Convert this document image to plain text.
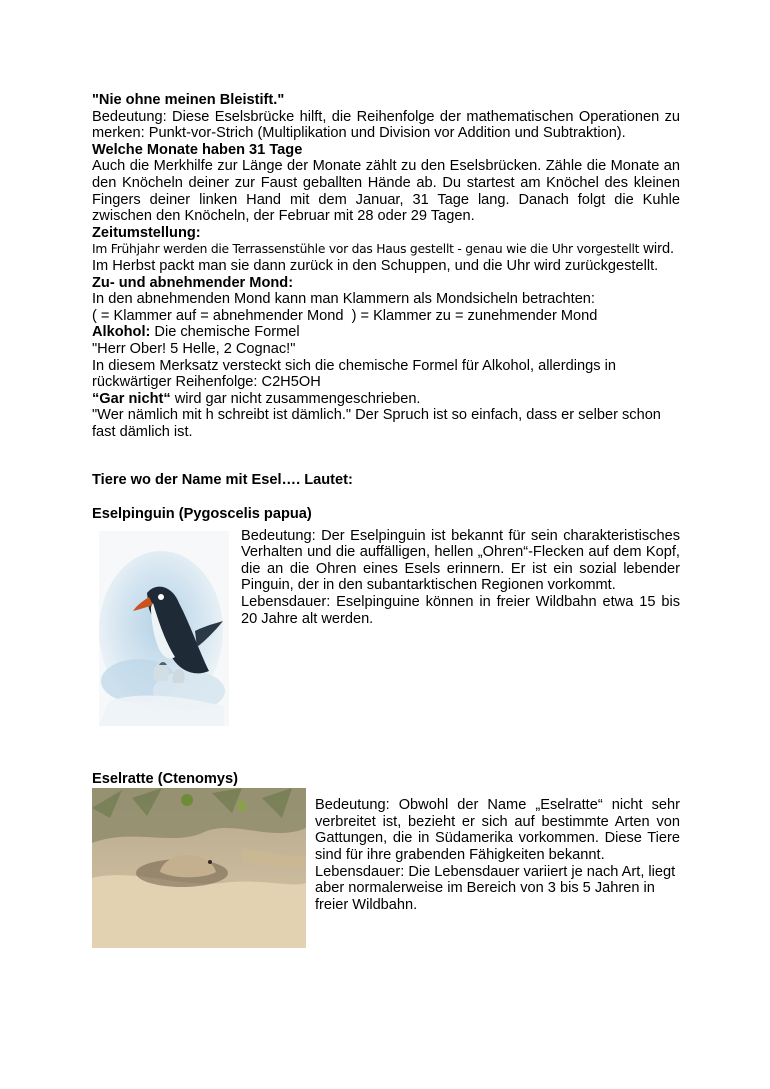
"Nie ohne meinen Bleistift."

Bedeutung: Diese Eselsbrücke hilft, die Reihenfolge der mathematischen Operationen zu merken: Punkt-vor-Strich (Multiplikation und Division vor Addition und Subtraktion).

Welche Monate haben 31 Tage

Auch die Merkhilfe zur Länge der Monate zählt zu den Eselsbrücken. Zähle die Monate an den Knöcheln deiner zur Faust geballten Hände ab. Du startest am Knöchel des kleinen Fingers deiner linken Hand mit dem Januar, 31 Tage lang. Danach folgt die Kuhle zwischen den Knöcheln, der Februar mit 28 oder 29 Tagen.

Zeitumstellung:

Im Frühjahr werden die Terrassenstühle vor das Haus gestellt - genau wie die Uhr vorgestellt wird.

Im Herbst packt man sie dann zurück in den Schuppen, und die Uhr wird zurückgestellt.

Zu- und abnehmender Mond:

In den abnehmenden Mond kann man Klammern als Mondsicheln betrachten:

( = Klammer auf = abnehmender Mond  ) = Klammer zu = zunehmender Mond

Alkohol: Die chemische Formel

"Herr Ober! 5 Helle, 2 Cognac!"

In diesem Merksatz versteckt sich die chemische Formel für Alkohol, allerdings in

rückwärtiger Reihenfolge: C2H5OH

“Gar nicht“ wird gar nicht zusammengeschrieben.

"Wer nämlich mit h schreibt ist dämlich." Der Spruch ist so einfach, dass er selber schon fast dämlich ist.

Tiere wo der Name mit Esel…. Lautet:

Eselpinguin (Pygoscelis papua)

Bedeutung: Der Eselpinguin ist bekannt für sein charakteristisches Verhalten und die auffälligen, hellen „Ohren“-Flecken auf dem Kopf, die an die Ohren eines Esels erinnern. Er ist ein sozial lebender Pinguin, der in den subantarktischen Regionen vorkommt.

Lebensdauer: Eselpinguine können in freier Wildbahn etwa 15 bis 20 Jahre alt werden.

Eselratte (Ctenomys)

Bedeutung: Obwohl der Name „Eselratte“ nicht sehr verbreitet ist, bezieht er sich auf bestimmte Arten von Gattungen, die in Südamerika vorkommen. Diese Tiere sind für ihre grabenden Fähigkeiten bekannt.

Lebensdauer: Die Lebensdauer variiert je nach Art, liegt aber normalerweise im Bereich von 3 bis 5 Jahren in freier Wildbahn.
